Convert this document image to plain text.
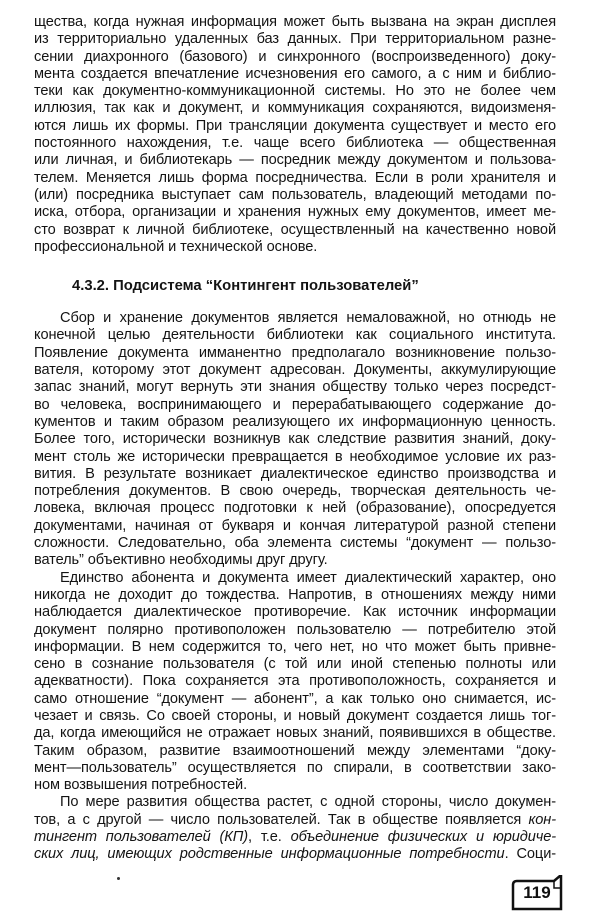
щества, когда нужная информация может быть вызвана на экран дисплея
из территориально удаленных баз данных. При территориальном разне-
сении диахронного (базового) и синхронного (воспроизведенного) доку-
мента создается впечатление исчезновения его самого, а с ним и библио-
теки как документно-коммуникационной системы. Но это не более чем
иллюзия, так как и документ, и коммуникация сохраняются, видоизменя-
ются лишь их формы. При трансляции документа существует и место его
постоянного нахождения, т.е. чаще всего библиотека — общественная
или личная, и библиотекарь — посредник между документом и пользова-
телем. Меняется лишь форма посредничества. Если в роли хранителя и
(или) посредника выступает сам пользователь, владеющий методами по-
иска, отбора, организации и хранения нужных ему документов, имеет ме-
сто возврат к личной библиотеке, осуществленный на качественно новой
профессиональной и технической основе.
4.3.2. Подсистема “Контингент пользователей”
Сбор и хранение документов является немаловажной, но отнюдь не
конечной целью деятельности библиотеки как социального института.
Появление документа имманентно предполагало возникновение пользо-
вателя, которому этот документ адресован. Документы, аккумулирующие
запас знаний, могут вернуть эти знания обществу только через посредст-
во человека, воспринимающего и перерабатывающего содержание до-
кументов и таким образом реализующего их информационную ценность.
Более того, исторически возникнув как следствие развития знаний, доку-
мент столь же исторически превращается в необходимое условие их раз-
вития. В результате возникает диалектическое единство производства и
потребления документов. В свою очередь, творческая деятельность че-
ловека, включая процесс подготовки к ней (образование), опосредуется
документами, начиная от букваря и кончая литературой разной степени
сложности. Следовательно, оба элемента системы “документ — пользо-
ватель” объективно необходимы друг другу.
Единство абонента и документа имеет диалектический характер, оно
никогда не доходит до тождества. Напротив, в отношениях между ними
наблюдается диалектическое противоречие. Как источник информации
документ полярно противоположен пользователю — потребителю этой
информации. В нем содержится то, чего нет, но что может быть привне-
сено в сознание пользователя (с той или иной степенью полноты или
адекватности). Пока сохраняется эта противоположность, сохраняется и
само отношение “документ — абонент”, а как только оно снимается, ис-
чезает и связь. Со своей стороны, и новый документ создается лишь тог-
да, когда имеющийся не отражает новых знаний, появившихся в обществе.
Таким образом, развитие взаимоотношений между элементами “доку-
мент—пользователь” осуществляется по спирали, в соответствии зако-
ном возвышения потребностей.
По мере развития общества растет, с одной стороны, число докумен-
тов, а с другой — число пользователей. Так в обществе появляется кон-
тингент пользователей (КП), т.е. объединение физических и юридиче-
ских лиц, имеющих родственные информационные потребности. Соци-
119
